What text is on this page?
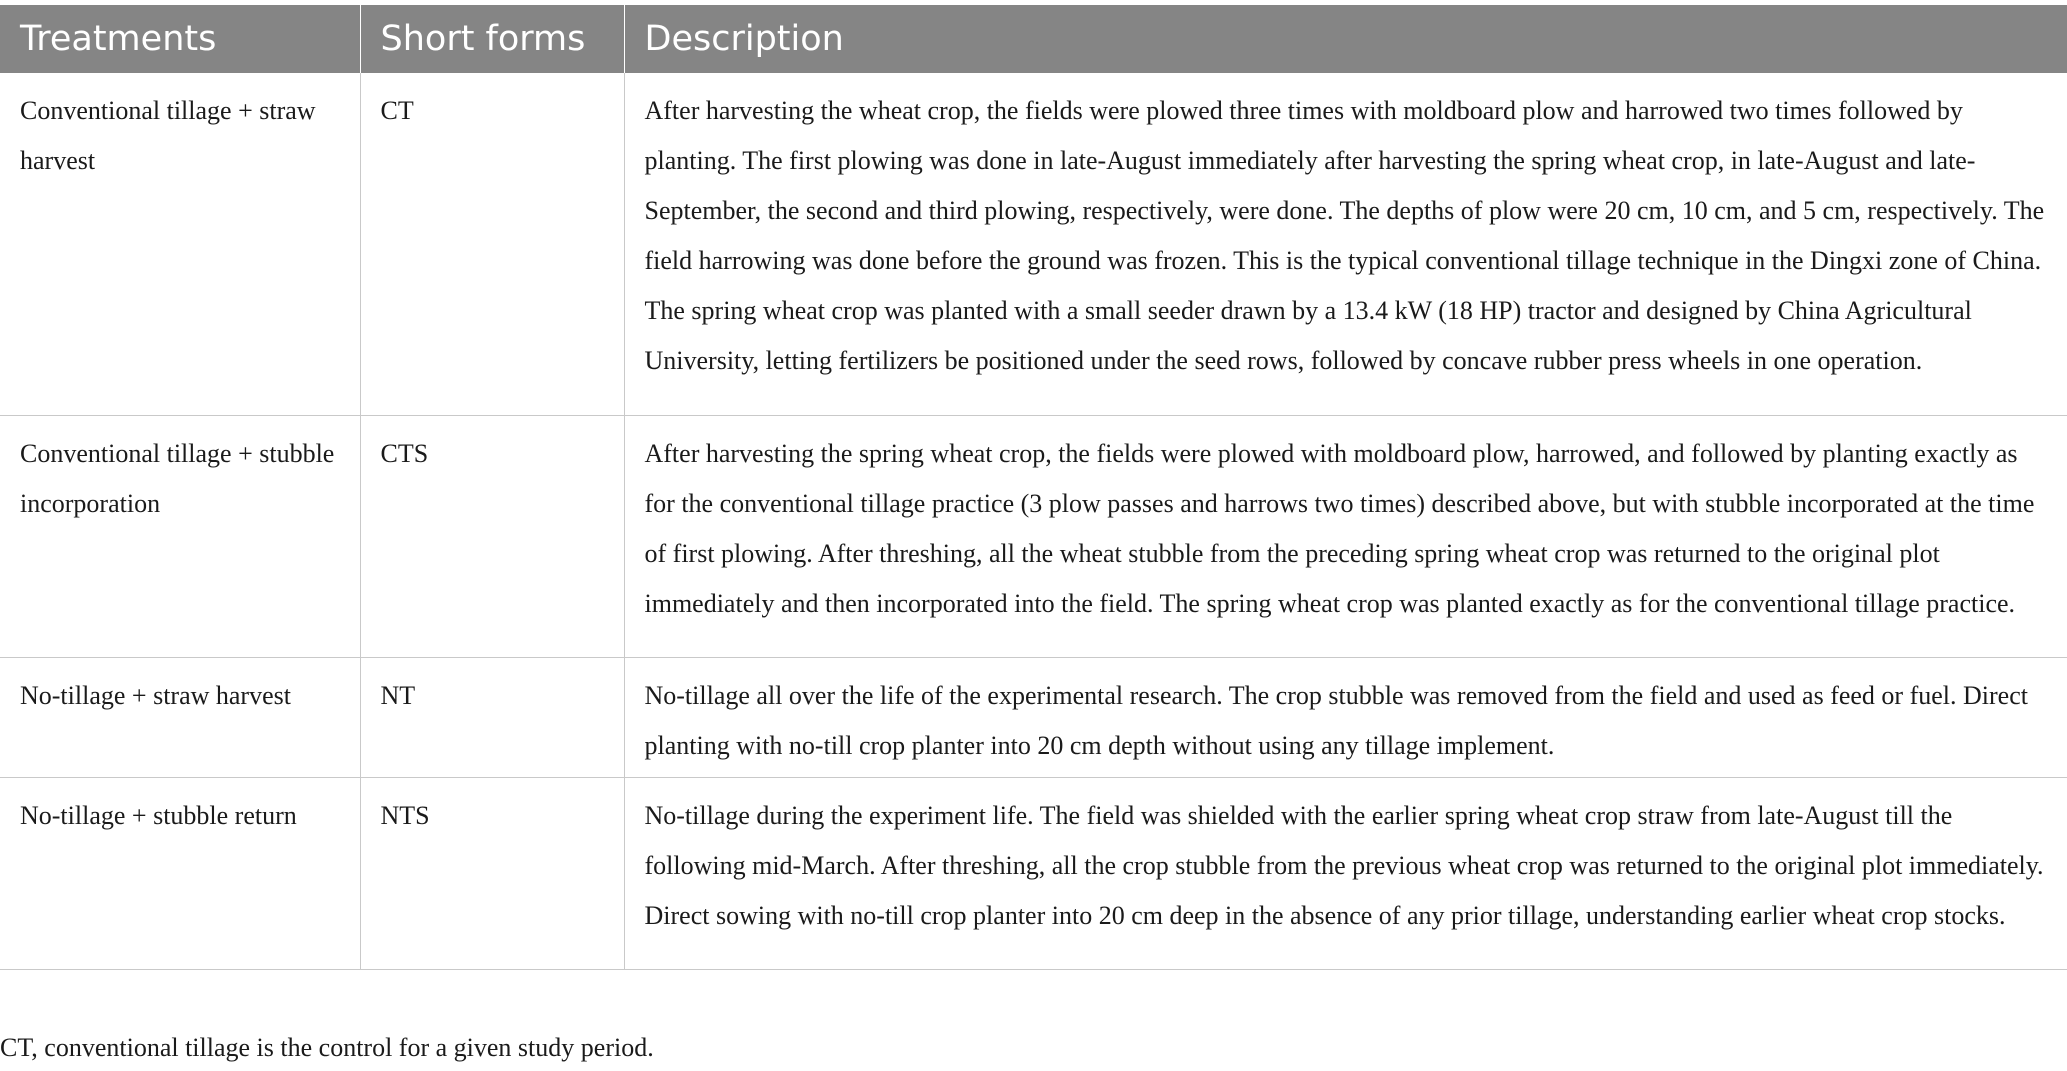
Treatments	Short forms	Description
Conventional tillage + straw harvest	CT	After harvesting the wheat crop, the fields were plowed three times with moldboard plow and harrowed two times followed by planting. The first plowing was done in late-August immediately after harvesting the spring wheat crop, in late-August and late-September, the second and third plowing, respectively, were done. The depths of plow were 20 cm, 10 cm, and 5 cm, respectively. The field harrowing was done before the ground was frozen. This is the typical conventional tillage technique in the Dingxi zone of China. The spring wheat crop was planted with a small seeder drawn by a 13.4 kW (18 HP) tractor and designed by China Agricultural University, letting fertilizers be positioned under the seed rows, followed by concave rubber press wheels in one operation.
Conventional tillage + stubble incorporation	CTS	After harvesting the spring wheat crop, the fields were plowed with moldboard plow, harrowed, and followed by planting exactly as for the conventional tillage practice (3 plow passes and harrows two times) described above, but with stubble incorporated at the time of first plowing. After threshing, all the wheat stubble from the preceding spring wheat crop was returned to the original plot immediately and then incorporated into the field. The spring wheat crop was planted exactly as for the conventional tillage practice.
No-tillage + straw harvest	NT	No-tillage all over the life of the experimental research. The crop stubble was removed from the field and used as feed or fuel. Direct planting with no-till crop planter into 20 cm depth without using any tillage implement.
No-tillage + stubble return	NTS	No-tillage during the experiment life. The field was shielded with the earlier spring wheat crop straw from late-August till the following mid-March. After threshing, all the crop stubble from the previous wheat crop was returned to the original plot immediately. Direct sowing with no-till crop planter into 20 cm deep in the absence of any prior tillage, understanding earlier wheat crop stocks.
CT, conventional tillage is the control for a given study period.
